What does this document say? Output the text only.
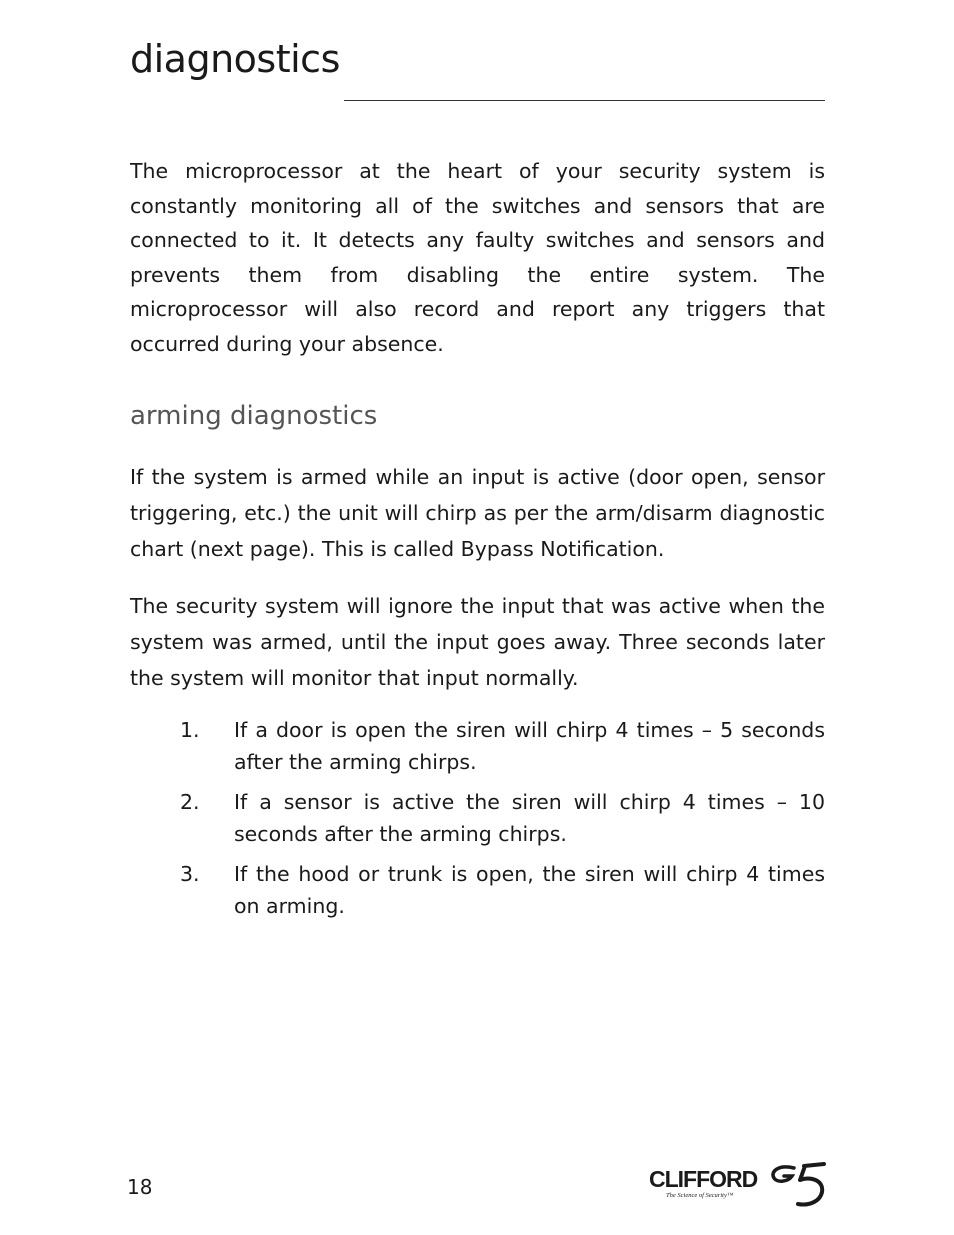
diagnostics

The microprocessor at the heart of your security system is constantly monitoring all of the switches and sensors that are connected to it. It detects any faulty switches and sensors and prevents them from disabling the entire system. The microprocessor will also record and report any triggers that occurred during your absence.

arming diagnostics

If the system is armed while an input is active (door open, sensor triggering, etc.) the unit will chirp as per the arm/disarm diagnostic chart (next page). This is called Bypass Notification.

The security system will ignore the input that was active when the system was armed, until the input goes away. Three seconds later the system will monitor that input normally.

1.	If a door is open the siren will chirp 4 times – 5 seconds after the arming chirps.
2.	If a sensor is active the siren will chirp 4 times – 10 seconds after the arming chirps.
3.	If the hood or trunk is open, the siren will chirp 4 times on arming.
18	CLIFFORD
The Science of Security™
